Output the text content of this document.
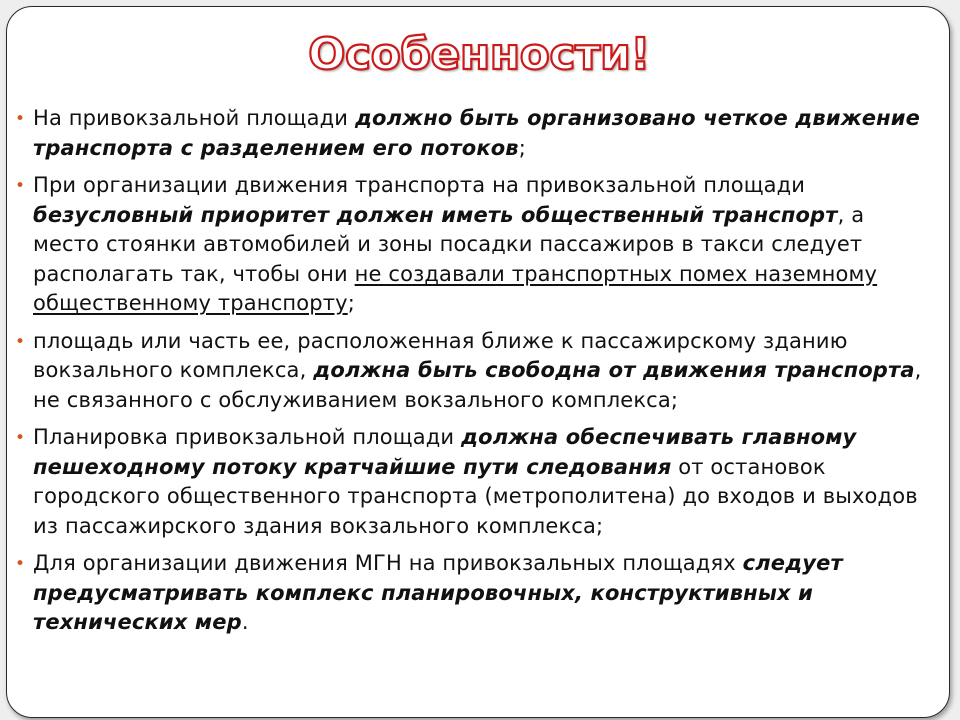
Особенности!
• На привокзальной площади должно быть организовано четкое движение транспорта с разделением его потоков;
• При организации движения транспорта на привокзальной площади безусловный приоритет должен иметь общественный транспорт, а место стоянки автомобилей и зоны посадки пассажиров в такси следует располагать так, чтобы они не создавали транспортных помех наземному общественному транспорту;
• площадь или часть ее, расположенная ближе к пассажирскому зданию вокзального комплекса, должна быть свободна от движения транспорта, не связанного с обслуживанием вокзального комплекса;
• Планировка привокзальной площади должна обеспечивать главному пешеходному потоку кратчайшие пути следования от остановок городского общественного транспорта (метрополитена) до входов и выходов из пассажирского здания вокзального комплекса;
• Для организации движения МГН на привокзальных площадях следует предусматривать комплекс планировочных, конструктивных и технических мер.
